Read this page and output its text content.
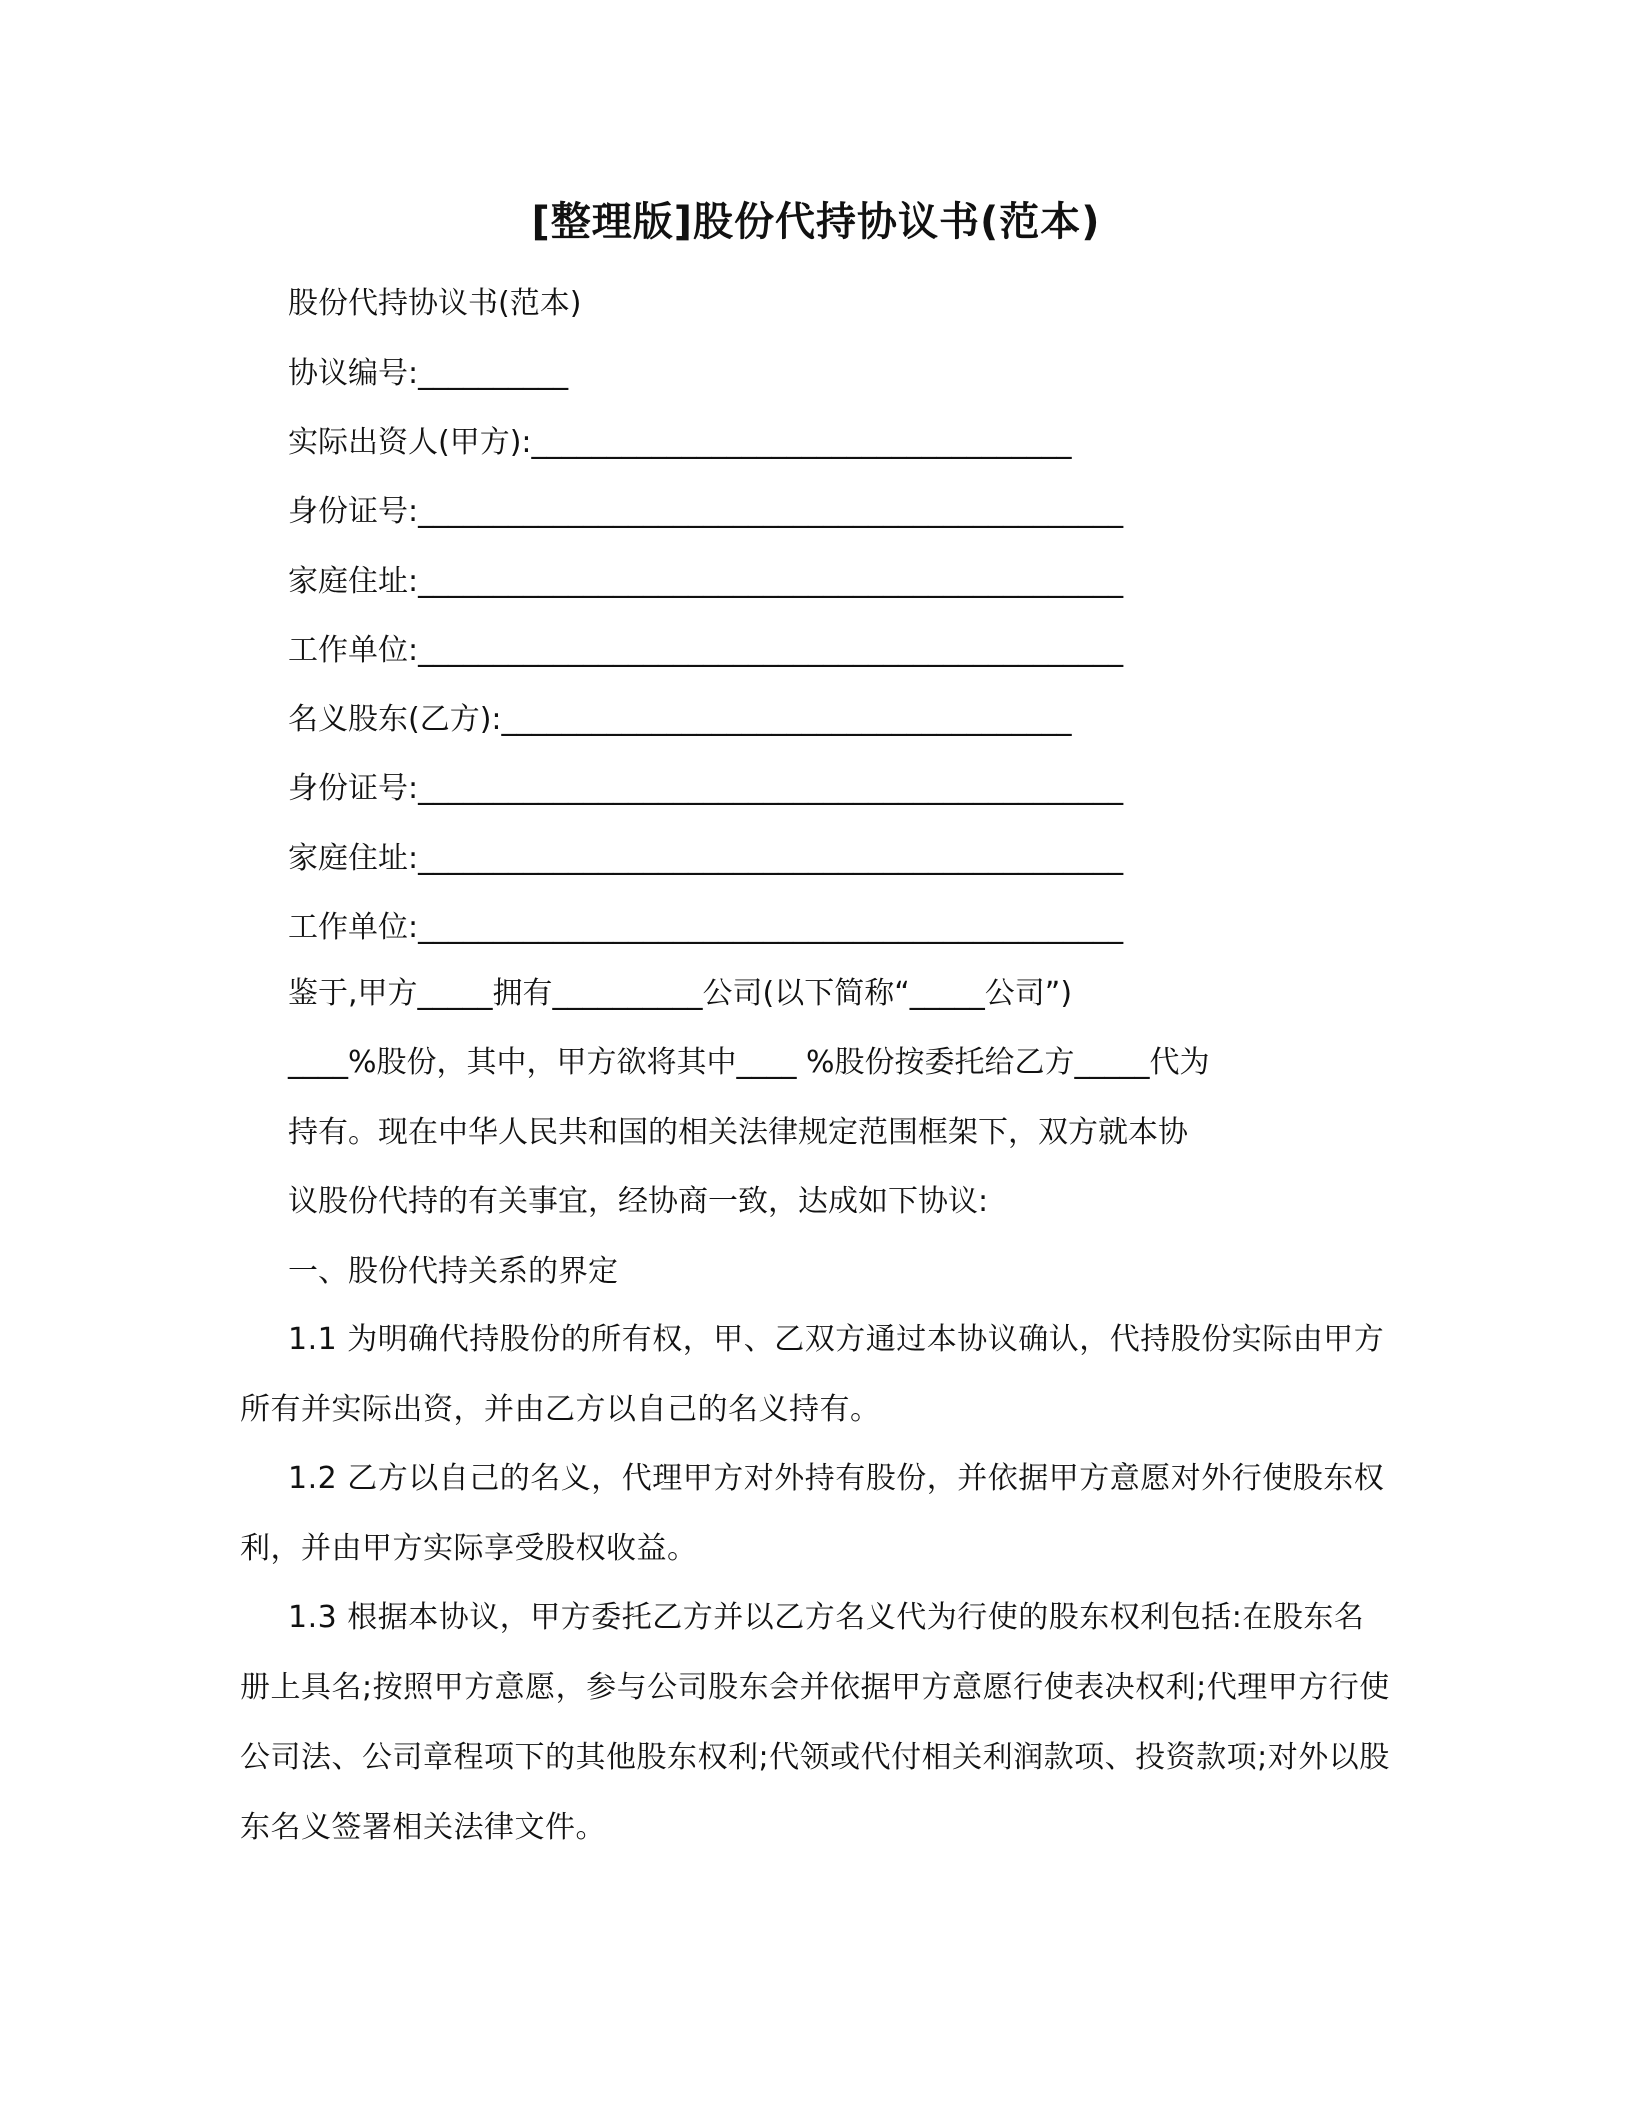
[整理版]股份代持协议书(范本)
股份代持协议书(范本)
协议编号:__________
实际出资人(甲方):____________________________________
身份证号:_______________________________________________
家庭住址:_______________________________________________
工作单位:_______________________________________________
名义股东(乙方):______________________________________
身份证号:_______________________________________________
家庭住址:_______________________________________________
工作单位:_______________________________________________
鉴于,甲方_____拥有__________公司(以下简称“_____公司”)
____%股份，其中，甲方欲将其中____ %股份按委托给乙方_____代为
持有。现在中华人民共和国的相关法律规定范围框架下，双方就本协
议股份代持的有关事宜，经协商一致，达成如下协议:
一、股份代持关系的界定
1.1 为明确代持股份的所有权，甲、乙双方通过本协议确认，代持股份实际由甲方所有并实际出资，并由乙方以自己的名义持有。
1.2 乙方以自己的名义，代理甲方对外持有股份，并依据甲方意愿对外行使股东权利，并由甲方实际享受股权收益。
1.3 根据本协议，甲方委托乙方并以乙方名义代为行使的股东权利包括:在股东名册上具名;按照甲方意愿，参与公司股东会并依据甲方意愿行使表决权利;代理甲方行使公司法、公司章程项下的其他股东权利;代领或代付相关利润款项、投资款项;对外以股东名义签署相关法律文件。
